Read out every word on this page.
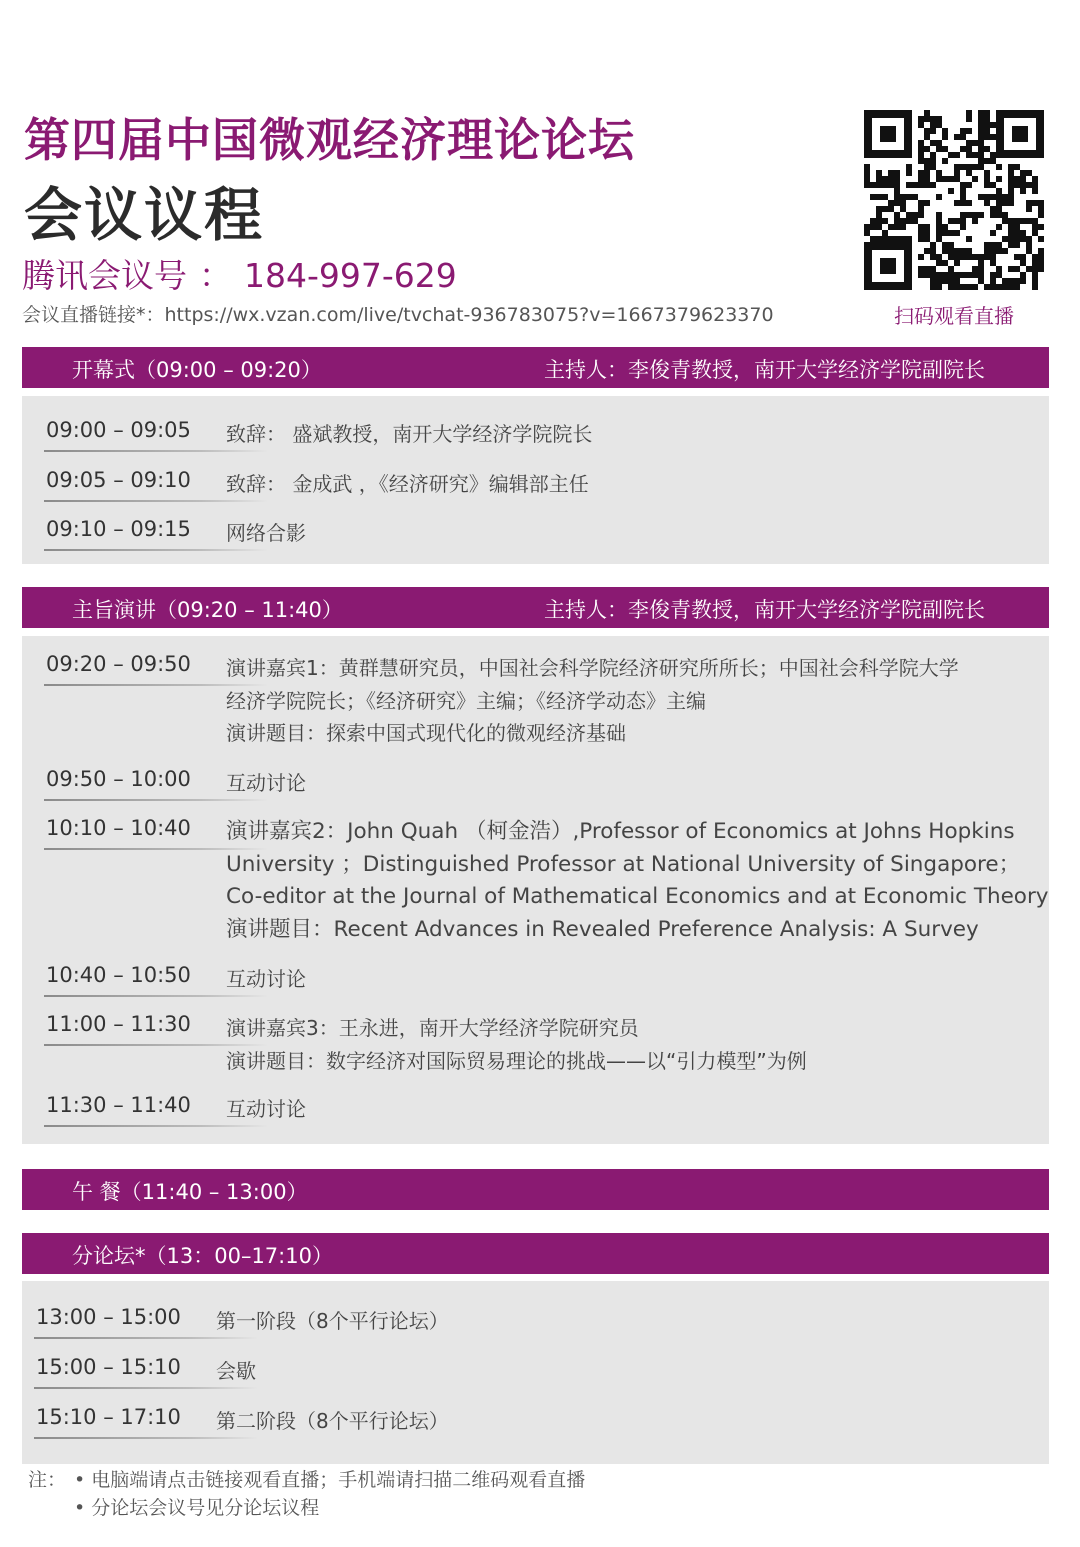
第四届中国微观经济理论论坛
会议议程
腾讯会议号 ： 184-997-629
会议直播链接*：https://wx.vzan.com/live/tvchat-936783075?v=1667379623370	扫码观看直播
开幕式（09:00 – 09:20）	主持人：李俊青教授，南开大学经济学院副院长
09:00 – 09:05 致辞： 盛斌教授，南开大学经济学院院长
09:05 – 09:10 致辞： 金成武 ，《经济研究》编辑部主任
09:10 – 09:15 网络合影
主旨演讲（09:20 – 11:40）	主持人：李俊青教授，南开大学经济学院副院长
09:20 – 09:50 演讲嘉宾1：黄群慧研究员，中国社会科学院经济研究所所长；中国社会科学院大学
经济学院院长；《经济研究》主编；《经济学动态》主编
演讲题目：探索中国式现代化的微观经济基础
09:50 – 10:00 互动讨论
10:10 – 10:40 演讲嘉宾2：John Quah （柯金浩）,Professor of Economics at Johns Hopkins
University ；Distinguished Professor at National University of Singapore；
Co-editor at the Journal of Mathematical Economics and at Economic Theory
演讲题目：Recent Advances in Revealed Preference Analysis: A Survey
10:40 – 10:50 互动讨论
11:00 – 11:30 演讲嘉宾3：王永进，南开大学经济学院研究员
演讲题目：数字经济对国际贸易理论的挑战——以“引力模型”为例
11:30 – 11:40 互动讨论
午 餐（11:40 – 13:00）
分论坛*（13：00–17:10）
13:00 – 15:00 第一阶段（8个平行论坛）
15:00 – 15:10 会歇
15:10 – 17:10 第二阶段（8个平行论坛）
注： • 电脑端请点击链接观看直播；手机端请扫描二维码观看直播
• 分论坛会议号见分论坛议程
